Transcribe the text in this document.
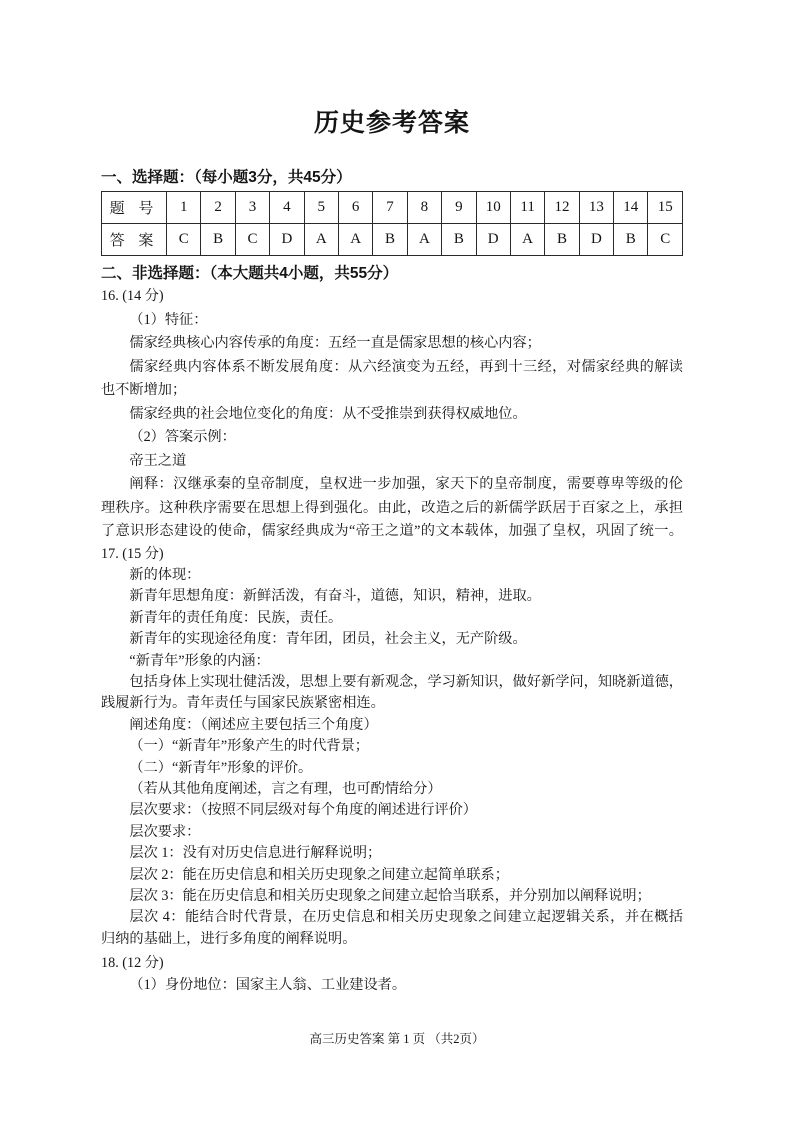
历史参考答案
一、选择题：（每小题3分，共45分）
题 号	1	2	3	4	5	6	7	8	9	10	11	12	13	14	15
答 案	C	B	C	D	A	A	B	A	B	D	A	B	D	B	C
二、非选择题：（本大题共4小题，共55分）
16. (14 分)
（1）特征：
儒家经典核心内容传承的角度：五经一直是儒家思想的核心内容；
儒家经典内容体系不断发展角度：从六经演变为五经，再到十三经，对儒家经典的解读
也不断增加；
儒家经典的社会地位变化的角度：从不受推崇到获得权威地位。
（2）答案示例：
帝王之道
阐释：汉继承秦的皇帝制度，皇权进一步加强，家天下的皇帝制度，需要尊卑等级的伦
理秩序。这种秩序需要在思想上得到强化。由此，改造之后的新儒学跃居于百家之上，承担
了意识形态建设的使命，儒家经典成为“帝王之道”的文本载体，加强了皇权，巩固了统一。
17. (15 分)
新的体现：
新青年思想角度：新鲜活泼，有奋斗，道德，知识，精神，进取。
新青年的责任角度：民族，责任。
新青年的实现途径角度：青年团，团员，社会主义，无产阶级。
“新青年”形象的内涵：
包括身体上实现壮健活泼，思想上要有新观念，学习新知识，做好新学问，知晓新道德，
践履新行为。青年责任与国家民族紧密相连。
阐述角度：（阐述应主要包括三个角度）
（一）“新青年”形象产生的时代背景；
（二）“新青年”形象的评价。
（若从其他角度阐述，言之有理，也可酌情给分）
层次要求：（按照不同层级对每个角度的阐述进行评价）
层次要求：
层次 1：没有对历史信息进行解释说明；
层次 2：能在历史信息和相关历史现象之间建立起简单联系；
层次 3：能在历史信息和相关历史现象之间建立起恰当联系，并分别加以阐释说明；
层次 4：能结合时代背景，在历史信息和相关历史现象之间建立起逻辑关系，并在概括
归纳的基础上，进行多角度的阐释说明。
18. (12 分)
（1）身份地位：国家主人翁、工业建设者。
高三历史答案 第 1 页 （共2页）
